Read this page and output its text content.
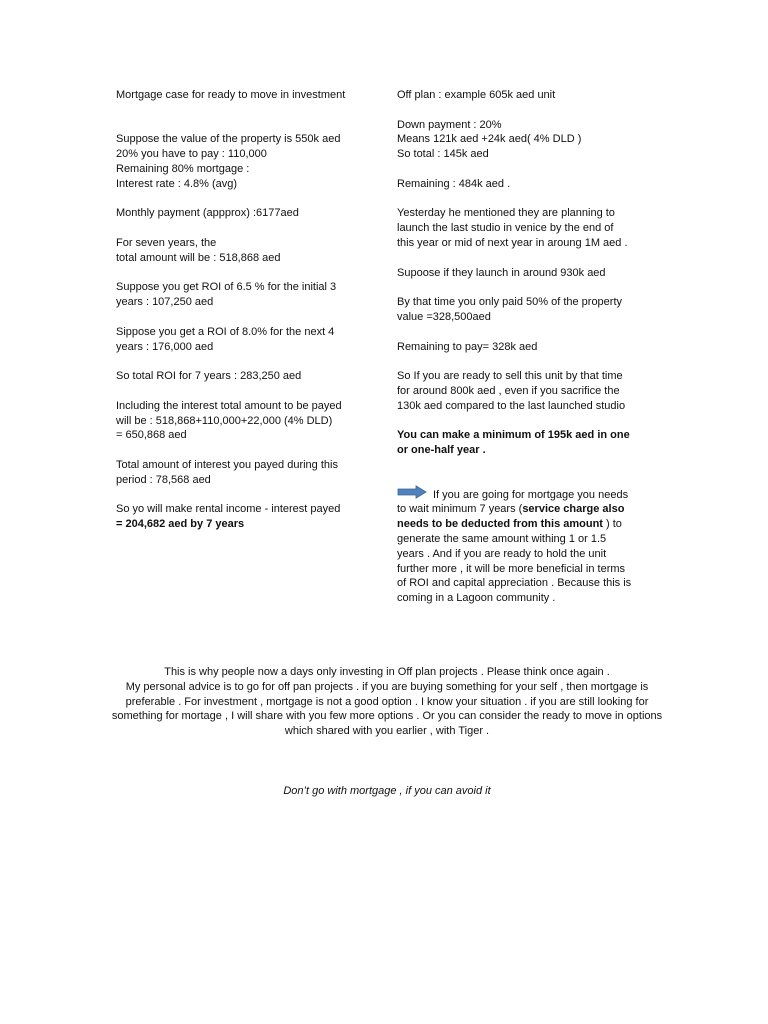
Mortgage case for ready to move in investment
Suppose the value of the property is 550k aed
20% you have to pay : 110,000
Remaining 80% mortgage :
Interest rate : 4.8% (avg)
Monthly payment (appprox) :6177aed
For seven years, the
total amount will be : 518,868 aed
Suppose you get ROI of 6.5 % for the initial 3
years : 107,250 aed
Sippose you get a ROI of 8.0% for the next 4
years : 176,000 aed
So total ROI for 7 years : 283,250 aed
Including the interest total amount to be payed
will be : 518,868+110,000+22,000 (4% DLD)
= 650,868 aed
Total amount of interest you payed during this
period : 78,568 aed
So yo will make rental income - interest payed
= 204,682 aed by 7 years
Off plan : example 605k aed unit
Down payment : 20%
Means 121k aed +24k aed( 4% DLD )
So total : 145k aed
Remaining : 484k aed .
Yesterday he mentioned they are planning to
launch the last studio in venice by the end of
this year or mid of next year in aroung 1M aed .
Supoose if they launch in around 930k aed
By that time you only paid 50% of the property
value =328,500aed
Remaining to pay= 328k aed
So If you are ready to sell this unit by that time
for around 800k aed , even if you sacrifice the
130k aed compared to the last launched studio
You can make a minimum of 195k aed in one
or one-half year .
If you are going for mortgage you needs
to wait minimum 7 years (service charge also
needs to be deducted from this amount ) to
generate the same amount withing 1 or 1.5
years . And if you are ready to hold the unit
further more , it will be more beneficial in terms
of ROI and capital appreciation . Because this is
coming in a Lagoon community .
This is why people now a days only investing in Off plan projects . Please think once again .
My personal advice is to go for off pan projects . if you are buying something for your self , then mortgage is
preferable . For investment , mortgage is not a good option . I know your situation . if you are still looking for
something for mortage , I will share with you few more options . Or you can consider the ready to move in options
which shared with you earlier , with Tiger .
Don’t go with mortgage , if you can avoid it
